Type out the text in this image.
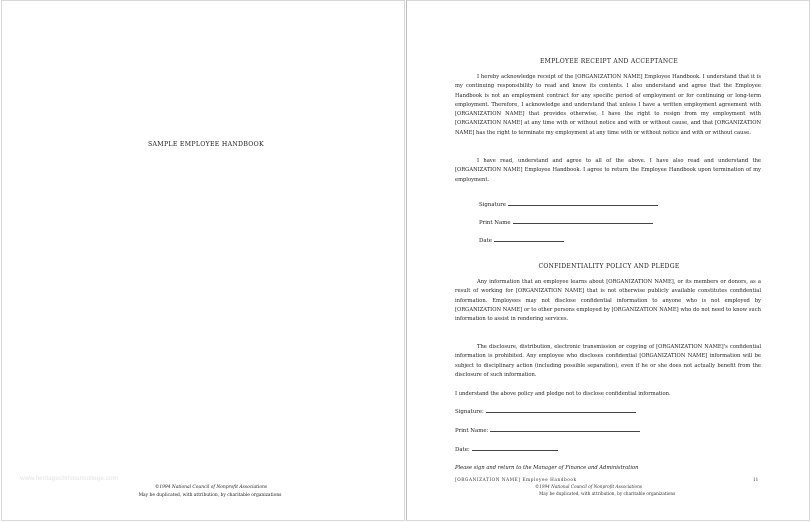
SAMPLE EMPLOYEE HANDBOOK
www.heritagechristiancollege.com
©1994 National Council of Nonprofit Associations
May be duplicated, with attribution, by charitable organizations
EMPLOYEE RECEIPT AND ACCEPTANCE
I hereby acknowledge receipt of the [ORGANIZATION NAME] Employee Handbook. I understand that it is my continuing responsibility to read and know its contents. I also understand and agree that the Employee Handbook is not an employment contract for any specific period of employment or for continuing or long-term employment. Therefore, I acknowledge and understand that unless I have a written employment agreement with [ORGANIZATION NAME] that provides otherwise, I have the right to resign from my employment with [ORGANIZATION NAME] at any time with or without notice and with or without cause, and that [ORGANIZATION NAME] has the right to terminate my employment at any time with or without notice and with or without cause.
I have read, understand and agree to all of the above. I have also read and understand the [ORGANIZATION NAME] Employee Handbook. I agree to return the Employee Handbook upon termination of my employment.
Signature
Print Name
Date
CONFIDENTIALITY POLICY AND PLEDGE
Any information that an employee learns about [ORGANIZATION NAME], or its members or donors, as a result of working for [ORGANIZATION NAME] that is not otherwise publicly available constitutes confidential information. Employees may not disclose confidential information to anyone who is not employed by [ORGANIZATION NAME] or to other persons employed by [ORGANIZATION NAME] who do not need to know such information to assist in rendering services.
The disclosure, distribution, electronic transmission or copying of [ORGANIZATION NAME]'s confidential information is prohibited. Any employee who discloses confidential [ORGANIZATION NAME] information will be subject to disciplinary action (including possible separation), even if he or she does not actually benefit from the disclosure of such information.
I understand the above policy and pledge not to disclose confidential information.
Signature:
Print Name:
Date:
Please sign and return to the Manager of Finance and Administration
[ORGANIZATION NAME] Employee Handbook	11
©1994 National Council of Nonprofit Associations
May be duplicated, with attribution, by charitable organizations
